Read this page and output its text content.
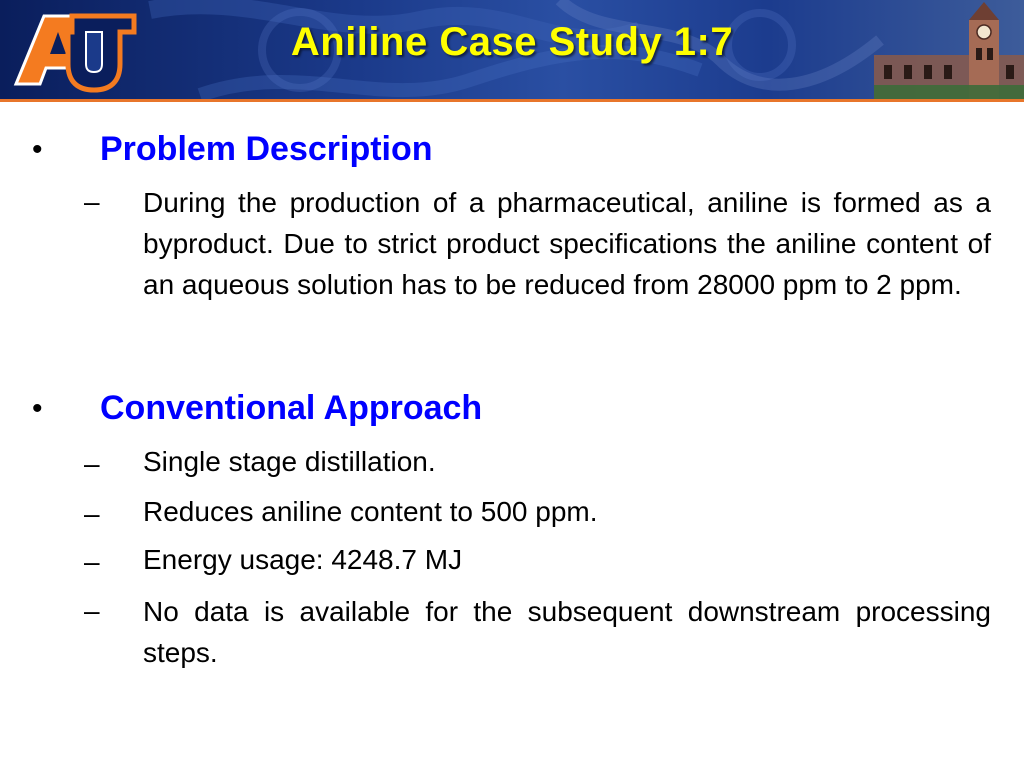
Aniline Case Study 1:7
• Problem Description
– During the production of a pharmaceutical, aniline is formed as a byproduct. Due to strict product specifications the aniline content of an aqueous solution has to be reduced from 28000 ppm to 2 ppm.
• Conventional Approach
– Single stage distillation.
– Reduces aniline content to 500 ppm.
– Energy usage: 4248.7 MJ
– No data is available for the subsequent downstream processing steps.
